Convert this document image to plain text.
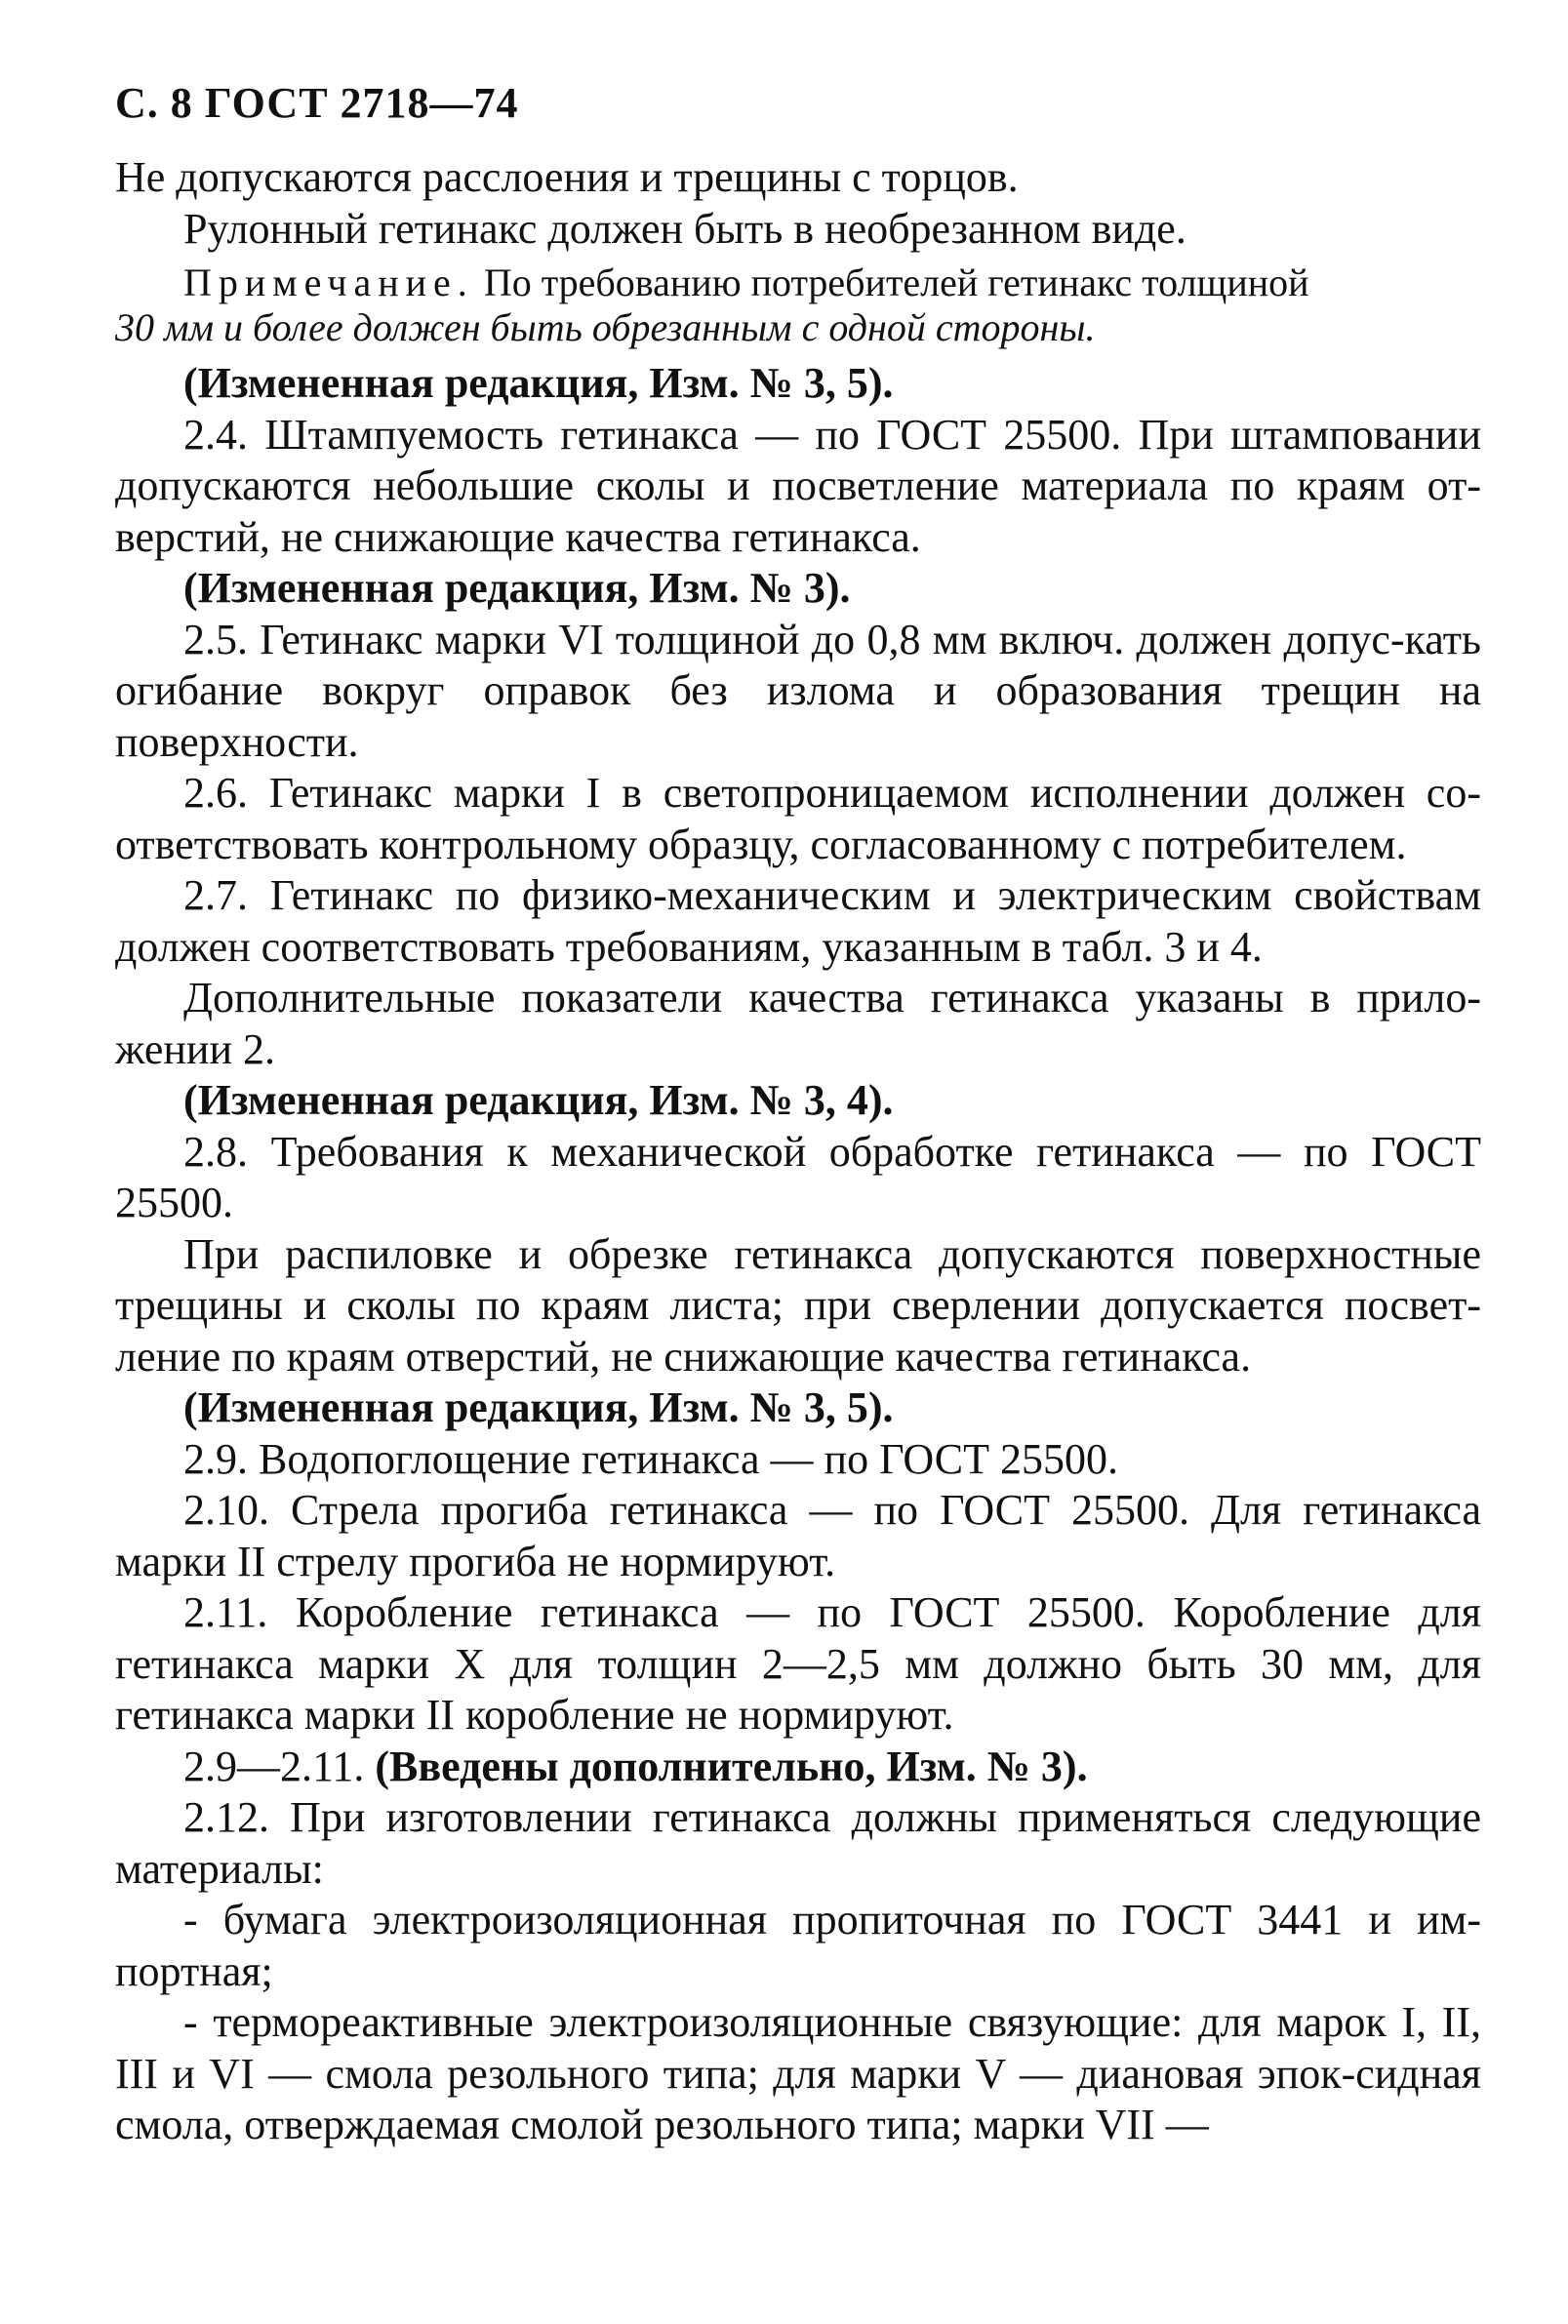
С. 8 ГОСТ 2718—74

Не допускаются расслоения и трещины с торцов.

Рулонный гетинакс должен быть в необрезанном виде.

Примечание. По требованию потребителей гетинакс толщиной
30 мм и более должен быть обрезанным с одной стороны.

(Измененная редакция, Изм. № 3, 5).

2.4. Штампуемость гетинакса — по ГОСТ 25500. При штамповании допускаются небольшие сколы и посветление материала по краям от-верстий, не снижающие качества гетинакса.

(Измененная редакция, Изм. № 3).

2.5. Гетинакс марки VI толщиной до 0,8 мм включ. должен допус-кать огибание вокруг оправок без излома и образования трещин на поверхности.

2.6. Гетинакс марки I в светопроницаемом исполнении должен со-ответствовать контрольному образцу, согласованному с потребителем.

2.7. Гетинакс по физико-механическим и электрическим свойствам должен соответствовать требованиям, указанным в табл. 3 и 4.

Дополнительные показатели качества гетинакса указаны в прило-жении 2.

(Измененная редакция, Изм. № 3, 4).

2.8. Требования к механической обработке гетинакса — по ГОСТ 25500.

При распиловке и обрезке гетинакса допускаются поверхностные трещины и сколы по краям листа; при сверлении допускается посвет-ление по краям отверстий, не снижающие качества гетинакса.

(Измененная редакция, Изм. № 3, 5).

2.9. Водопоглощение гетинакса — по ГОСТ 25500.

2.10. Стрела прогиба гетинакса — по ГОСТ 25500. Для гетинакса марки II стрелу прогиба не нормируют.

2.11. Коробление гетинакса — по ГОСТ 25500. Коробление для гетинакса марки Х для толщин 2—2,5 мм должно быть 30 мм, для гетинакса марки II коробление не нормируют.

2.9—2.11. (Введены дополнительно, Изм. № 3).

2.12. При изготовлении гетинакса должны применяться следующие материалы:

- бумага электроизоляционная пропиточная по ГОСТ 3441 и им-портная;

- термореактивные электроизоляционные связующие: для марок I, II, III и VI — смола резольного типа; для марки V — диановая эпок-сидная смола, отверждаемая смолой резольного типа; марки VII —
